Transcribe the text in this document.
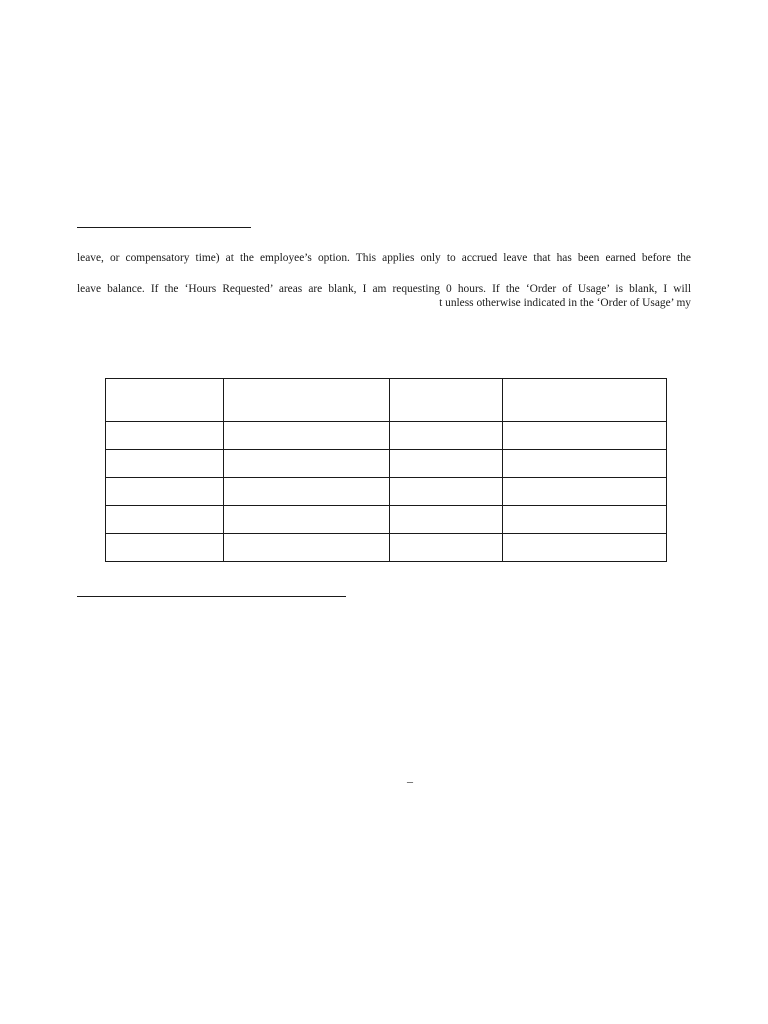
leave, or compensatory time) at the employee’s option. This applies only to accrued leave that has been earned before the
leave balance. If the ‘Hours Requested’ areas are blank, I am requesting 0 hours. If the ‘Order of Usage’ is blank, I will
t unless otherwise indicated in the ‘Order of Usage’ my

–
